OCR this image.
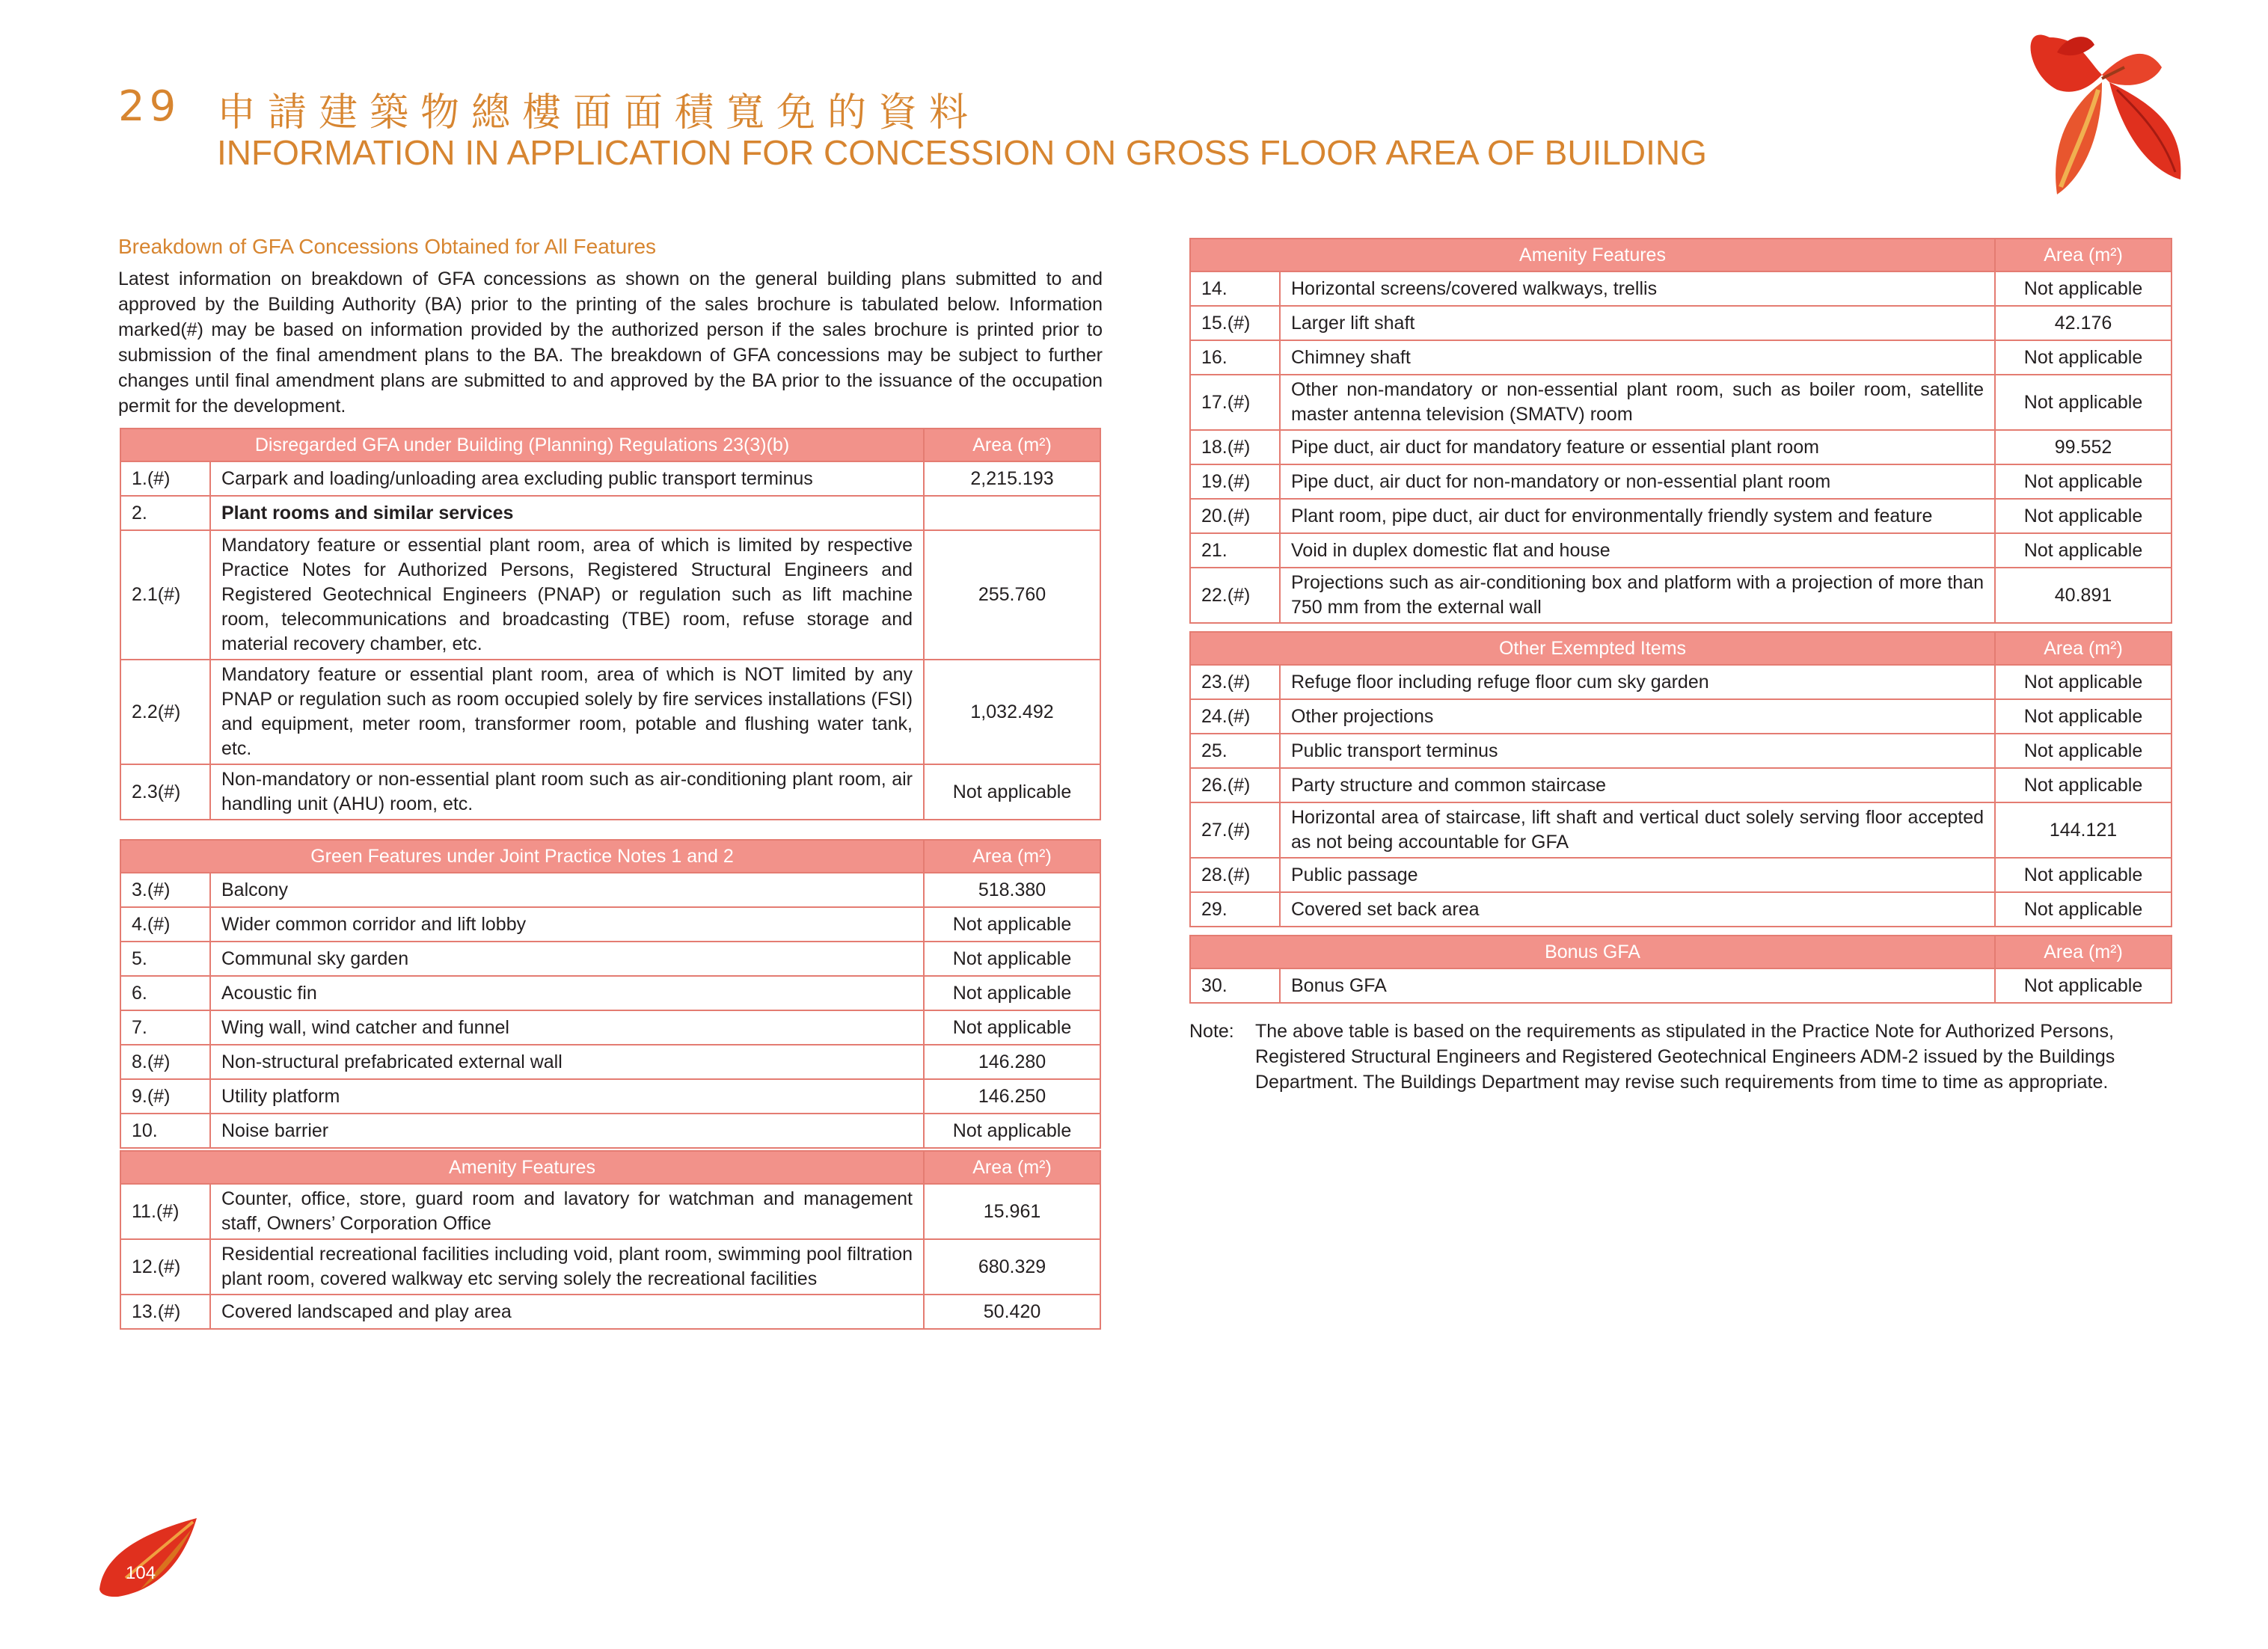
29 申請建築物總樓面面積寬免的資料
INFORMATION IN APPLICATION FOR CONCESSION ON GROSS FLOOR AREA OF BUILDING
Breakdown of GFA Concessions Obtained for All Features
Latest information on breakdown of GFA concessions as shown on the general building plans submitted to and approved by the Building Authority (BA) prior to the printing of the sales brochure is tabulated below. Information marked(#) may be based on information provided by the authorized person if the sales brochure is printed prior to submission of the final amendment plans to the BA. The breakdown of GFA concessions may be subject to further changes until final amendment plans are submitted to and approved by the BA prior to the issuance of the occupation permit for the development.
Disregarded GFA under Building (Planning) Regulations 23(3)(b)		Area (m²)
1.(#)	Carpark and loading/unloading area excluding public transport terminus	2,215.193
2.	Plant rooms and similar services	
2.1(#)	Mandatory feature or essential plant room, area of which is limited by respective Practice Notes for Authorized Persons, Registered Structural Engineers and Registered Geotechnical Engineers (PNAP) or regulation such as lift machine room, telecommunications and broadcasting (TBE) room, refuse storage and material recovery chamber, etc.	255.760
2.2(#)	Mandatory feature or essential plant room, area of which is NOT limited by any PNAP or regulation such as room occupied solely by fire services installations (FSI) and equipment, meter room, transformer room, potable and flushing water tank, etc.	1,032.492
2.3(#)	Non-mandatory or non-essential plant room such as air-conditioning plant room, air handling unit (AHU) room, etc.	Not applicable
Green Features under Joint Practice Notes 1 and 2		Area (m²)
3.(#)	Balcony	518.380
4.(#)	Wider common corridor and lift lobby	Not applicable
5.	Communal sky garden	Not applicable
6.	Acoustic fin	Not applicable
7.	Wing wall, wind catcher and funnel	Not applicable
8.(#)	Non-structural prefabricated external wall	146.280
9.(#)	Utility platform	146.250
10.	Noise barrier	Not applicable
Amenity Features		Area (m²)
11.(#)	Counter, office, store, guard room and lavatory for watchman and management staff, Owners’ Corporation Office	15.961
12.(#)	Residential recreational facilities including void, plant room, swimming pool filtration plant room, covered walkway etc serving solely the recreational facilities	680.329
13.(#)	Covered landscaped and play area	50.420
Amenity Features		Area (m²)
14.	Horizontal screens/covered walkways, trellis	Not applicable
15.(#)	Larger lift shaft	42.176
16.	Chimney shaft	Not applicable
17.(#)	Other non-mandatory or non-essential plant room, such as boiler room, satellite master antenna television (SMATV) room	Not applicable
18.(#)	Pipe duct, air duct for mandatory feature or essential plant room	99.552
19.(#)	Pipe duct, air duct for non-mandatory or non-essential plant room	Not applicable
20.(#)	Plant room, pipe duct, air duct for environmentally friendly system and feature	Not applicable
21.	Void in duplex domestic flat and house	Not applicable
22.(#)	Projections such as air-conditioning box and platform with a projection of more than 750 mm from the external wall	40.891
Other Exempted Items		Area (m²)
23.(#)	Refuge floor including refuge floor cum sky garden	Not applicable
24.(#)	Other projections	Not applicable
25.	Public transport terminus	Not applicable
26.(#)	Party structure and common staircase	Not applicable
27.(#)	Horizontal area of staircase, lift shaft and vertical duct solely serving floor accepted as not being accountable for GFA	144.121
28.(#)	Public passage	Not applicable
29.	Covered set back area	Not applicable
Bonus GFA		Area (m²)
30.	Bonus GFA	Not applicable
Note: The above table is based on the requirements as stipulated in the Practice Note for Authorized Persons, Registered Structural Engineers and Registered Geotechnical Engineers ADM-2 issued by the Buildings Department. The Buildings Department may revise such requirements from time to time as appropriate.
104
